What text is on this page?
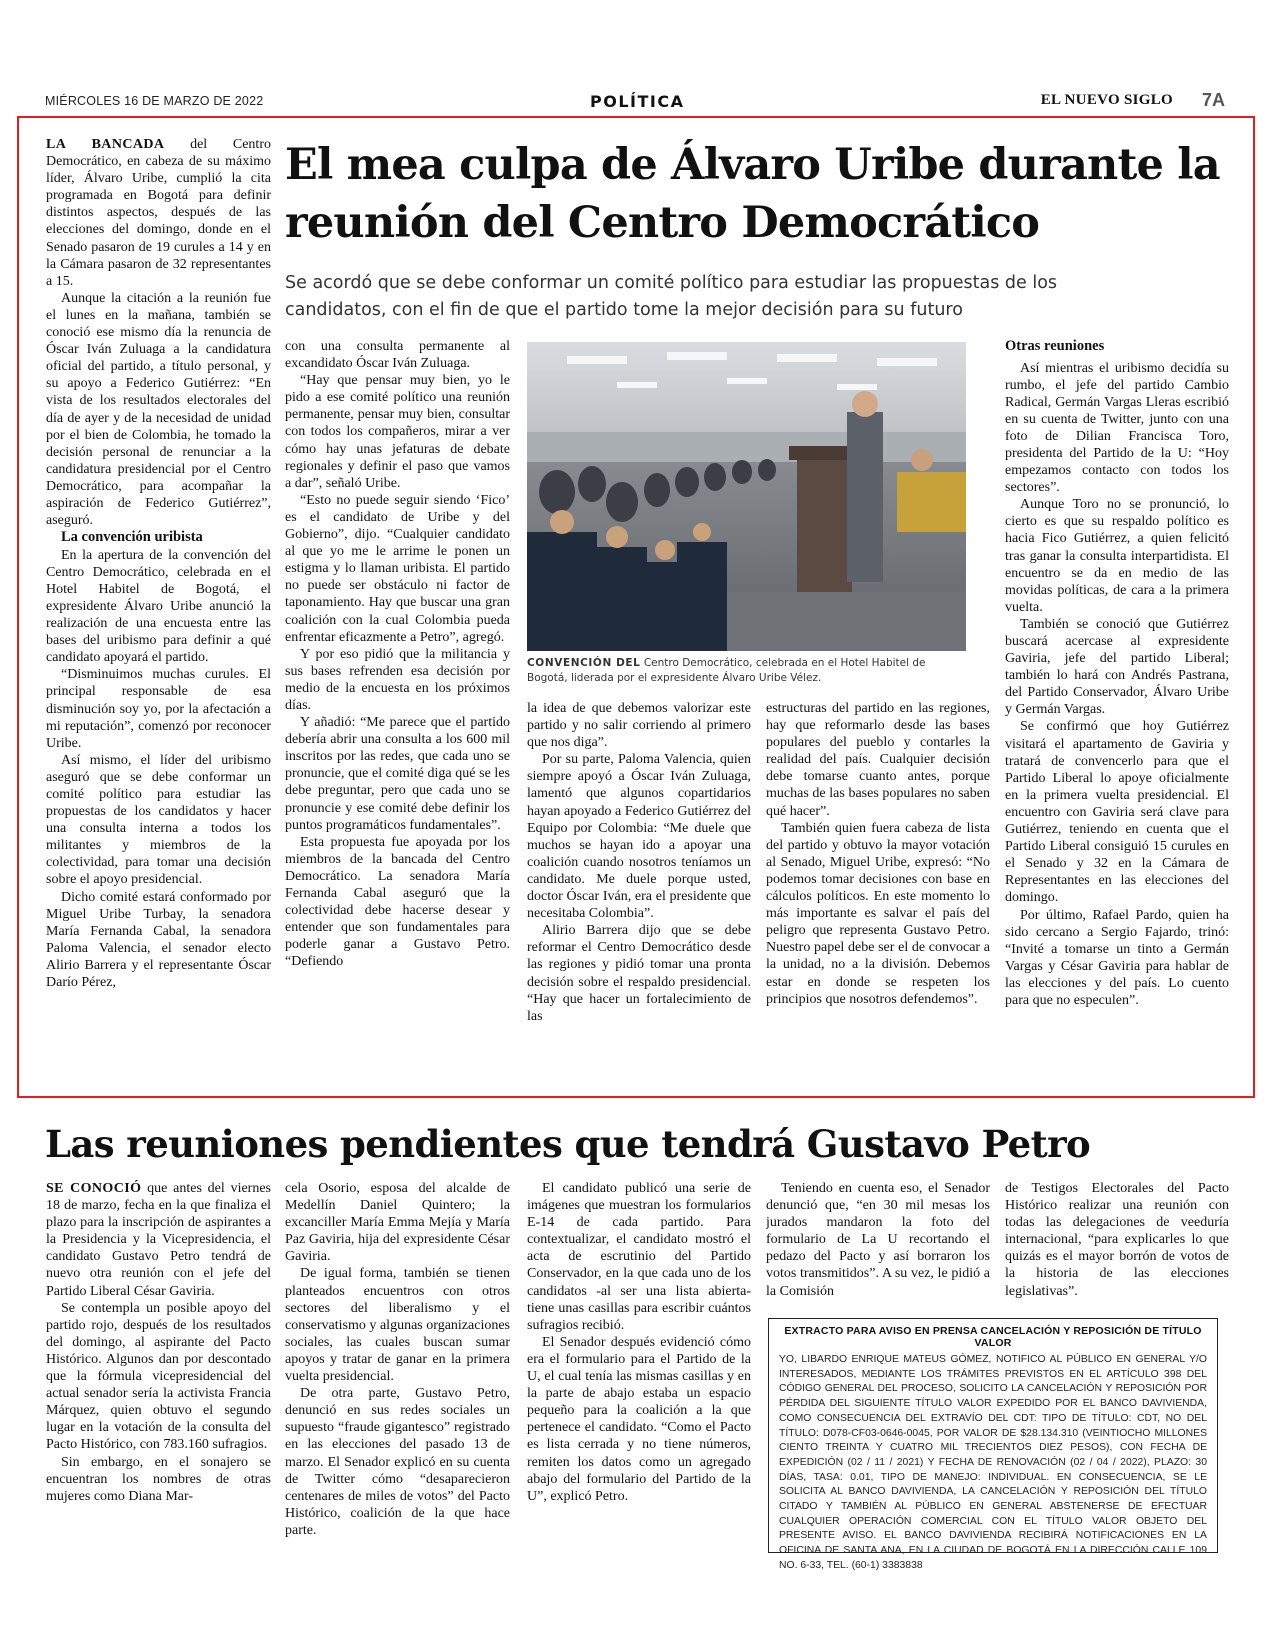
MIÉRCOLES 16 DE MARZO DE 2022	POLÍTICA	EL NUEVO SIGLO 7A
El mea culpa de Álvaro Uribe durante la reunión del Centro Democrático

Se acordó que se debe conformar un comité político para estudiar las propuestas de los candidatos, con el fin de que el partido tome la mejor decisión para su futuro

LA BANCADA del Centro Democrático, en cabeza de su máximo líder, Álvaro Uribe, cumplió la cita programada en Bogotá para definir distintos aspectos, después de las elecciones del domingo, donde en el Senado pasaron de 19 curules a 14 y en la Cámara pasaron de 32 representantes a 15.

Aunque la citación a la reunión fue el lunes en la mañana, también se conoció ese mismo día la renuncia de Óscar Iván Zuluaga a la candidatura oficial del partido, a título personal, y su apoyo a Federico Gutiérrez: “En vista de los resultados electorales del día de ayer y de la necesidad de unidad por el bien de Colombia, he tomado la decisión personal de renunciar a la candidatura presidencial por el Centro Democrático, para acompañar la aspiración de Federico Gutiérrez”, aseguró.

La convención uribista

En la apertura de la convención del Centro Democrático, celebrada en el Hotel Habitel de Bogotá, el expresidente Álvaro Uribe anunció la realización de una encuesta entre las bases del uribismo para definir a qué candidato apoyará el partido.

“Disminuimos muchas curules. El principal responsable de esa disminución soy yo, por la afectación a mi reputación”, comenzó por reconocer Uribe.

Así mismo, el líder del uribismo aseguró que se debe conformar un comité político para estudiar las propuestas de los candidatos y hacer una consulta interna a todos los militantes y miembros de la colectividad, para tomar una decisión sobre el apoyo presidencial.

Dicho comité estará conformado por Miguel Uribe Turbay, la senadora María Fernanda Cabal, la senadora Paloma Valencia, el senador electo Alirio Barrera y el representante Óscar Darío Pérez,

con una consulta permanente al excandidato Óscar Iván Zuluaga.

“Hay que pensar muy bien, yo le pido a ese comité político una reunión permanente, pensar muy bien, consultar con todos los compañeros, mirar a ver cómo hay unas jefaturas de debate regionales y definir el paso que vamos a dar”, señaló Uribe.

“Esto no puede seguir siendo ‘Fico’ es el candidato de Uribe y del Gobierno”, dijo. “Cualquier candidato al que yo me le arrime le ponen un estigma y lo llaman uribista. El partido no puede ser obstáculo ni factor de taponamiento. Hay que buscar una gran coalición con la cual Colombia pueda enfrentar eficazmente a Petro”, agregó.

Y por eso pidió que la militancia y sus bases refrenden esa decisión por medio de la encuesta en los próximos días.

Y añadió: “Me parece que el partido debería abrir una consulta a los 600 mil inscritos por las redes, que cada uno se pronuncie, que el comité diga qué se les debe preguntar, pero que cada uno se pronuncie y ese comité debe definir los puntos programáticos fundamentales”.

Esta propuesta fue apoyada por los miembros de la bancada del Centro Democrático. La senadora María Fernanda Cabal aseguró que la colectividad debe hacerse desear y entender que son fundamentales para poderle ganar a Gustavo Petro. “Defiendo

CONVENCIÓN DEL Centro Democrático, celebrada en el Hotel Habitel de Bogotá, liderada por el expresidente Álvaro Uribe Vélez.

la idea de que debemos valorizar este partido y no salir corriendo al primero que nos diga”.

Por su parte, Paloma Valencia, quien siempre apoyó a Óscar Iván Zuluaga, lamentó que algunos copartidarios hayan apoyado a Federico Gutiérrez del Equipo por Colombia: “Me duele que muchos se hayan ido a apoyar una coalición cuando nosotros teníamos un candidato. Me duele porque usted, doctor Óscar Iván, era el presidente que necesitaba Colombia”.

Alirio Barrera dijo que se debe reformar el Centro Democrático desde las regiones y pidió tomar una pronta decisión sobre el respaldo presidencial. “Hay que hacer un fortalecimiento de las

estructuras del partido en las regiones, hay que reformarlo desde las bases populares del pueblo y contarles la realidad del país. Cualquier decisión debe tomarse cuanto antes, porque muchas de las bases populares no saben qué hacer”.

También quien fuera cabeza de lista del partido y obtuvo la mayor votación al Senado, Miguel Uribe, expresó: “No podemos tomar decisiones con base en cálculos políticos. En este momento lo más importante es salvar el país del peligro que representa Gustavo Petro. Nuestro papel debe ser el de convocar a la unidad, no a la división. Debemos estar en donde se respeten los principios que nosotros defendemos”.

Otras reuniones

Así mientras el uribismo decidía su rumbo, el jefe del partido Cambio Radical, Germán Vargas Lleras escribió en su cuenta de Twitter, junto con una foto de Dilian Francisca Toro, presidenta del Partido de la U: “Hoy empezamos contacto con todos los sectores”.

Aunque Toro no se pronunció, lo cierto es que su respaldo político es hacia Fico Gutiérrez, a quien felicitó tras ganar la consulta interpartidista. El encuentro se da en medio de las movidas políticas, de cara a la primera vuelta.

También se conoció que Gutiérrez buscará acercase al expresidente Gaviria, jefe del partido Liberal; también lo hará con Andrés Pastrana, del Partido Conservador, Álvaro Uribe y Germán Vargas.

Se confirmó que hoy Gutiérrez visitará el apartamento de Gaviria y tratará de convencerlo para que el Partido Liberal lo apoye oficialmente en la primera vuelta presidencial. El encuentro con Gaviria será clave para Gutiérrez, teniendo en cuenta que el Partido Liberal consiguió 15 curules en el Senado y 32 en la Cámara de Representantes en las elecciones del domingo.

Por último, Rafael Pardo, quien ha sido cercano a Sergio Fajardo, trinó: “Invité a tomarse un tinto a Germán Vargas y César Gaviria para hablar de las elecciones y del país. Lo cuento para que no especulen”.

Las reuniones pendientes que tendrá Gustavo Petro

SE CONOCIÓ que antes del viernes 18 de marzo, fecha en la que finaliza el plazo para la inscripción de aspirantes a la Presidencia y la Vicepresidencia, el candidato Gustavo Petro tendrá de nuevo otra reunión con el jefe del Partido Liberal César Gaviria.

Se contempla un posible apoyo del partido rojo, después de los resultados del domingo, al aspirante del Pacto Histórico. Algunos dan por descontado que la fórmula vicepresidencial del actual senador sería la activista Francia Márquez, quien obtuvo el segundo lugar en la votación de la consulta del Pacto Histórico, con 783.160 sufragios.

Sin embargo, en el sonajero se encuentran los nombres de otras mujeres como Diana Mar-

cela Osorio, esposa del alcalde de Medellín Daniel Quintero; la excanciller María Emma Mejía y María Paz Gaviria, hija del expresidente César Gaviria.

De igual forma, también se tienen planteados encuentros con otros sectores del liberalismo y el conservatismo y algunas organizaciones sociales, las cuales buscan sumar apoyos y tratar de ganar en la primera vuelta presidencial.

De otra parte, Gustavo Petro, denunció en sus redes sociales un supuesto “fraude gigantesco” registrado en las elecciones del pasado 13 de marzo. El Senador explicó en su cuenta de Twitter cómo “desaparecieron centenares de miles de votos” del Pacto Histórico, coalición de la que hace parte.

El candidato publicó una serie de imágenes que muestran los formularios E-14 de cada partido. Para contextualizar, el candidato mostró el acta de escrutinio del Partido Conservador, en la que cada uno de los candidatos -al ser una lista abierta- tiene unas casillas para escribir cuántos sufragios recibió.

El Senador después evidenció cómo era el formulario para el Partido de la U, el cual tenía las mismas casillas y en la parte de abajo estaba un espacio pequeño para la coalición a la que pertenece el candidato. “Como el Pacto es lista cerrada y no tiene números, remiten los datos como un agregado abajo del formulario del Partido de la U”, explicó Petro.

Teniendo en cuenta eso, el Senador denunció que, “en 30 mil mesas los jurados mandaron la foto del formulario de La U recortando el pedazo del Pacto y así borraron los votos transmitidos”. A su vez, le pidió a la Comisión

de Testigos Electorales del Pacto Histórico realizar una reunión con todas las delegaciones de veeduría internacional, “para explicarles lo que quizás es el mayor borrón de votos de la historia de las elecciones legislativas”.

EXTRACTO PARA AVISO EN PRENSA CANCELACIÓN Y REPOSICIÓN DE TÍTULO VALOR
YO, LIBARDO ENRIQUE MATEUS GÓMEZ, NOTIFICO AL PÚBLICO EN GENERAL Y/O INTERESADOS, MEDIANTE LOS TRÁMITES PREVISTOS EN EL ARTÍCULO 398 DEL CÓDIGO GENERAL DEL PROCESO, SOLICITO LA CANCELACIÓN Y REPOSICIÓN POR PÉRDIDA DEL SIGUIENTE TÍTULO VALOR EXPEDIDO POR EL BANCO DAVIVIENDA, COMO CONSECUENCIA DEL EXTRAVÍO DEL CDT: TIPO DE TÍTULO: CDT, NO DEL TÍTULO: D078-CF03-0646-0045, POR VALOR DE $28.134.310 (VEINTIOCHO MILLONES CIENTO TREINTA Y CUATRO MIL TRECIENTOS DIEZ PESOS), CON FECHA DE EXPEDICIÓN (02 / 11 / 2021) Y FECHA DE RENOVACIÓN (02 / 04 / 2022), PLAZO: 30 DÍAS, TASA: 0.01, TIPO DE MANEJO: INDIVIDUAL. EN CONSECUENCIA, SE LE SOLICITA AL BANCO DAVIVIENDA, LA CANCELACIÓN Y REPOSICIÓN DEL TÍTULO CITADO Y TAMBIÉN AL PÚBLICO EN GENERAL ABSTENERSE DE EFECTUAR CUALQUIER OPERACIÓN COMERCIAL CON EL TÍTULO VALOR OBJETO DEL PRESENTE AVISO. EL BANCO DAVIVIENDA RECIBIRÁ NOTIFICACIONES EN LA OFICINA DE SANTA ANA, EN LA CIUDAD DE BOGOTÁ EN LA DIRECCIÓN CALLE 109 NO. 6-33, TEL. (60-1) 3383838
